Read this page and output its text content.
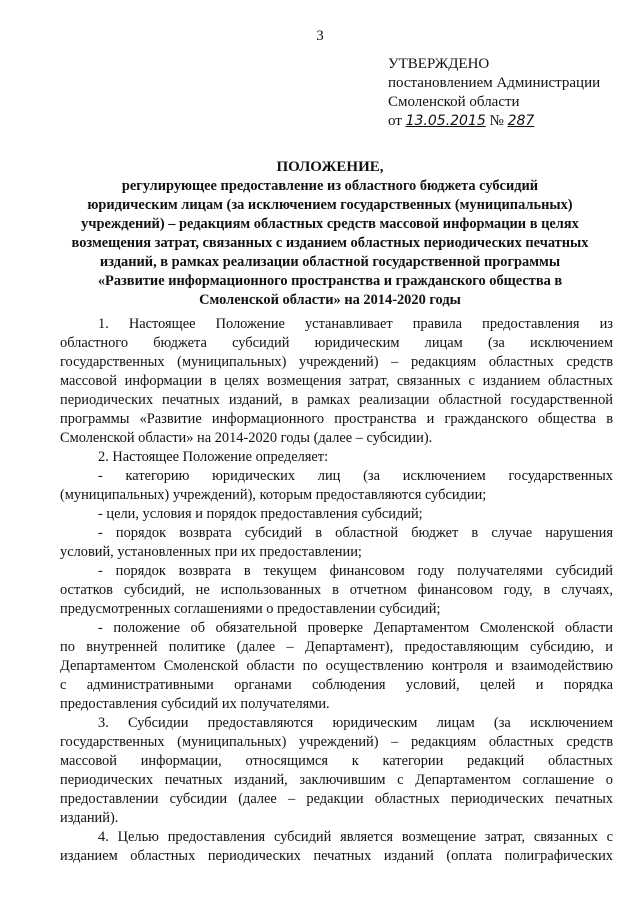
3
УТВЕРЖДЕНО
постановлением Администрации
Смоленской области
от 13.05.2015 № 287
ПОЛОЖЕНИЕ,
регулирующее предоставление из областного бюджета субсидий
юридическим лицам (за исключением государственных (муниципальных)
учреждений) – редакциям областных средств массовой информации в целях
возмещения затрат, связанных с изданием областных периодических печатных
изданий, в рамках реализации областной государственной программы
«Развитие информационного пространства и гражданского общества в
Смоленской области» на 2014-2020 годы
1. Настоящее Положение устанавливает правила предоставления из
областного бюджета субсидий юридическим лицам (за исключением
государственных (муниципальных) учреждений) – редакциям областных средств
массовой информации в целях возмещения затрат, связанных с изданием областных
периодических печатных изданий, в рамках реализации областной государственной
программы «Развитие информационного пространства и гражданского общества в
Смоленской области» на 2014-2020 годы (далее – субсидии).
2. Настоящее Положение определяет:
- категорию юридических лиц (за исключением государственных
(муниципальных) учреждений), которым предоставляются субсидии;
- цели, условия и порядок предоставления субсидий;
- порядок возврата субсидий в областной бюджет в случае нарушения
условий, установленных при их предоставлении;
- порядок возврата в текущем финансовом году получателями субсидий
остатков субсидий, не использованных в отчетном финансовом году, в случаях,
предусмотренных соглашениями о предоставлении субсидий;
- положение об обязательной проверке Департаментом Смоленской области
по внутренней политике (далее – Департамент), предоставляющим субсидию, и
Департаментом Смоленской области по осуществлению контроля и взаимодействию
с административными органами соблюдения условий, целей и порядка
предоставления субсидий их получателями.
3. Субсидии предоставляются юридическим лицам (за исключением
государственных (муниципальных) учреждений) – редакциям областных средств
массовой информации, относящимся к категории редакций областных
периодических печатных изданий, заключившим с Департаментом соглашение о
предоставлении субсидии (далее – редакции областных периодических печатных
изданий).
4. Целью предоставления субсидий является возмещение затрат, связанных с
изданием областных периодических печатных изданий (оплата полиграфических
